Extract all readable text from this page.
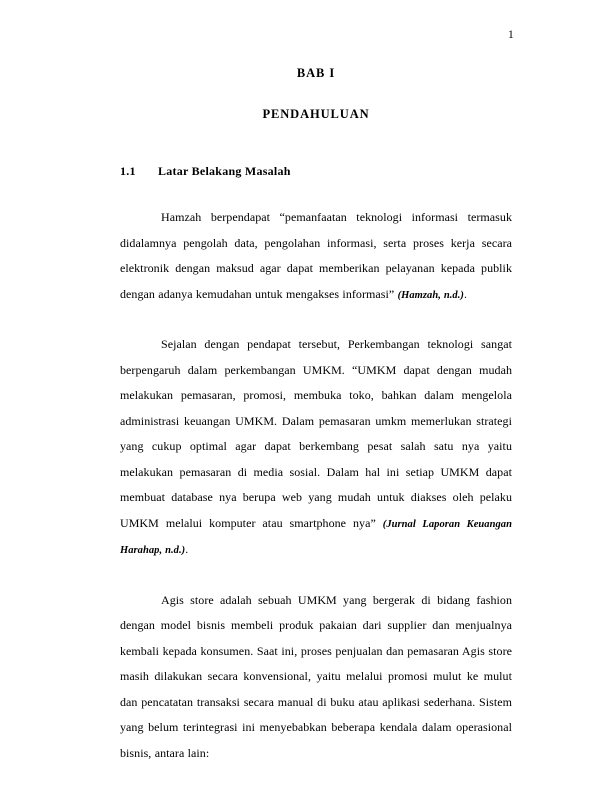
1
BAB I
PENDAHULUAN
1.1	Latar Belakang Masalah

Hamzah berpendapat “pemanfaatan teknologi informasi termasuk didalamnya pengolah data, pengolahan informasi, serta proses kerja secara elektronik dengan maksud agar dapat memberikan pelayanan kepada publik dengan adanya kemudahan untuk mengakses informasi” (Hamzah, n.d.).

Sejalan dengan pendapat tersebut, Perkembangan teknologi sangat berpengaruh dalam perkembangan UMKM. “UMKM dapat dengan mudah melakukan pemasaran, promosi, membuka toko, bahkan dalam mengelola administrasi keuangan UMKM. Dalam pemasaran umkm memerlukan strategi yang cukup optimal agar dapat berkembang pesat salah satu nya yaitu melakukan pemasaran di media sosial. Dalam hal ini setiap UMKM dapat membuat database nya berupa web yang mudah untuk diakses oleh pelaku UMKM melalui komputer atau smartphone nya” (Jurnal Laporan Keuangan Harahap, n.d.).

Agis store adalah sebuah UMKM yang bergerak di bidang fashion dengan model bisnis membeli produk pakaian dari supplier dan menjualnya kembali kepada konsumen. Saat ini, proses penjualan dan pemasaran Agis store masih dilakukan secara konvensional, yaitu melalui promosi mulut ke mulut dan pencatatan transaksi secara manual di buku atau aplikasi sederhana. Sistem yang belum terintegrasi ini menyebabkan beberapa kendala dalam operasional bisnis, antara lain:
